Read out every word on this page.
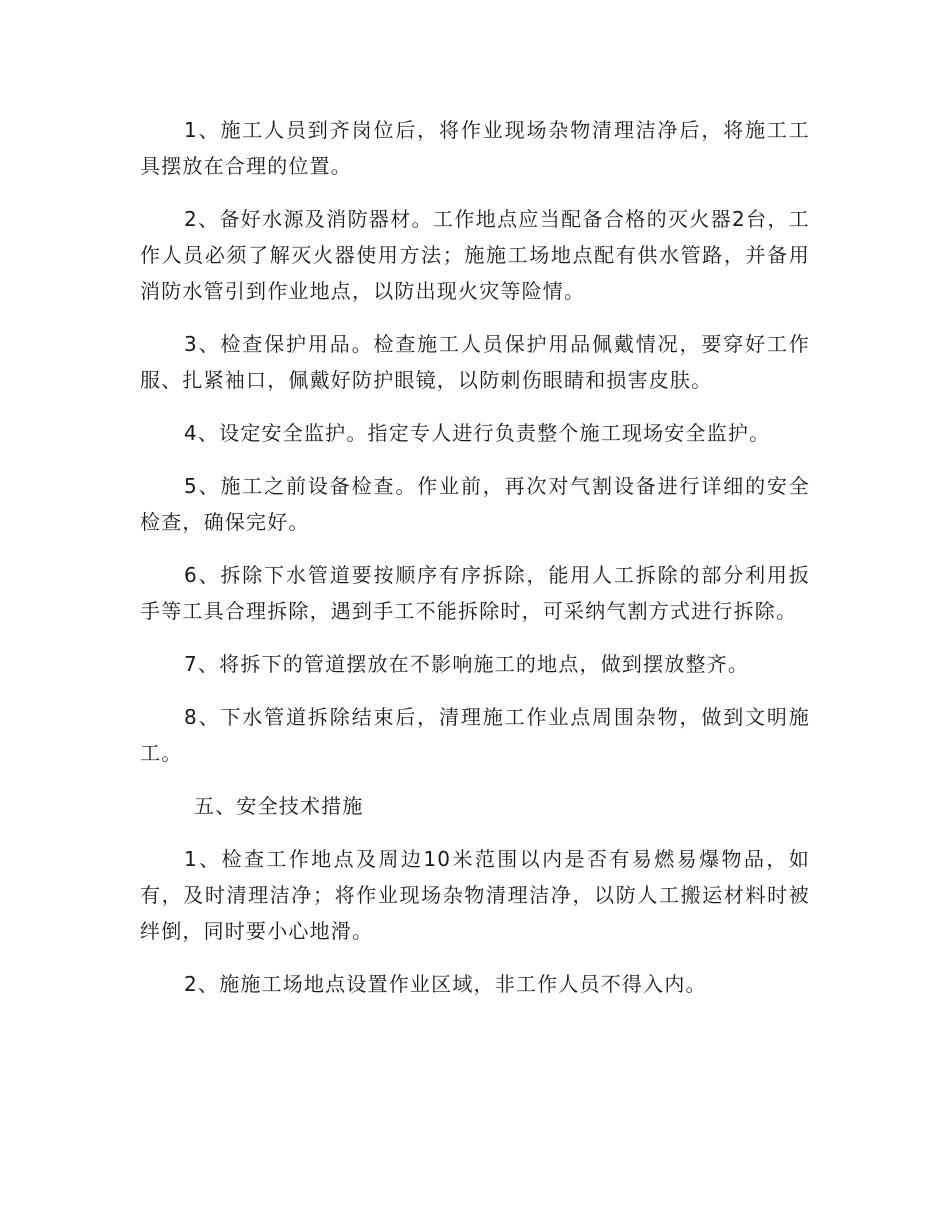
1、施工人员到齐岗位后，将作业现场杂物清理洁净后，将施工工具摆放在合理的位置。

2、备好水源及消防器材。工作地点应当配备合格的灭火器2台，工作人员必须了解灭火器使用方法；施施工场地点配有供水管路，并备用消防水管引到作业地点，以防出现火灾等险情。

3、检查保护用品。检查施工人员保护用品佩戴情况，要穿好工作服、扎紧袖口，佩戴好防护眼镜，以防刺伤眼睛和损害皮肤。

4、设定安全监护。指定专人进行负责整个施工现场安全监护。

5、施工之前设备检查。作业前，再次对气割设备进行详细的安全检查，确保完好。

6、拆除下水管道要按顺序有序拆除，能用人工拆除的部分利用扳手等工具合理拆除，遇到手工不能拆除时，可采纳气割方式进行拆除。

7、将拆下的管道摆放在不影响施工的地点，做到摆放整齐。

8、下水管道拆除结束后，清理施工作业点周围杂物，做到文明施工。

五、安全技术措施

1、检查工作地点及周边10米范围以内是否有易燃易爆物品，如有，及时清理洁净；将作业现场杂物清理洁净，以防人工搬运材料时被绊倒，同时要小心地滑。

2、施施工场地点设置作业区域，非工作人员不得入内。
